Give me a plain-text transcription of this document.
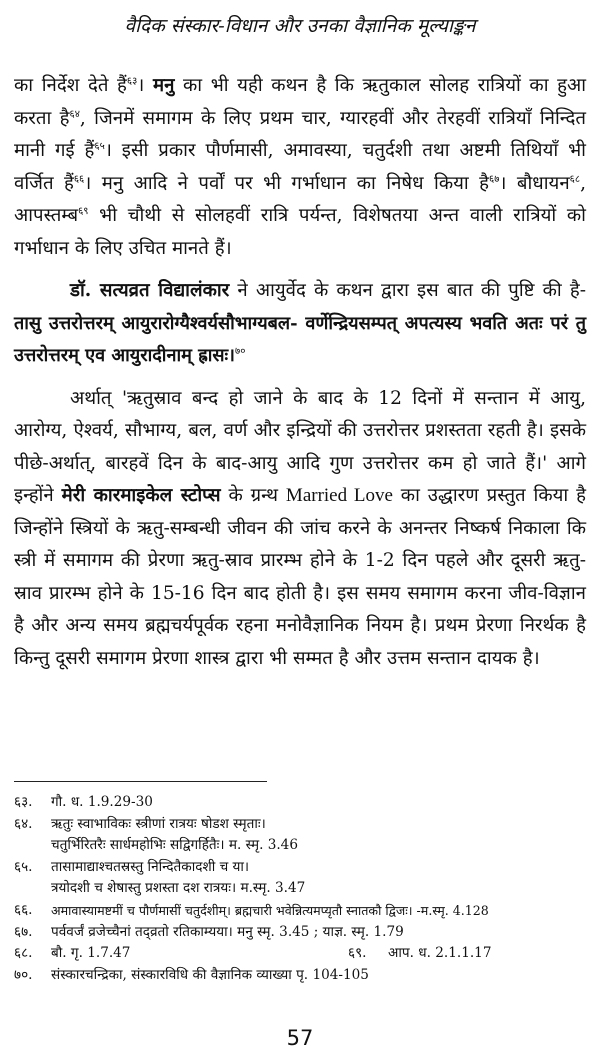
वैदिक संस्कार-विधान और उनका वैज्ञानिक मूल्याङ्कन

का निर्देश देते हैं$^{६३}$। मनु का भी यही कथन है कि ऋतुकाल सोलह रात्रियों का हुआ करता है$^{६४}$, जिनमें समागम के लिए प्रथम चार, ग्यारहवीं और तेरहवीं रात्रियाँ निन्दित मानी गई हैं$^{६५}$। इसी प्रकार पौर्णमासी, अमावस्या, चतुर्दशी तथा अष्टमी तिथियाँ भी वर्जित हैं$^{६६}$। मनु आदि ने पर्वों पर भी गर्भाधान का निषेध किया है$^{६७}$। बौधायन$^{६८}$, आपस्तम्ब$^{६९}$ भी चौथी से सोलहवीं रात्रि पर्यन्त, विशेषतया अन्त वाली रात्रियों को गर्भाधान के लिए उचित मानते हैं।

डॉ. सत्यव्रत विद्यालंकार ने आयुर्वेद के कथन द्वारा इस बात की पुष्टि की है- तासु उत्तरोत्तरम् आयुरारोग्यैश्वर्यसौभाग्यबल- वर्णेन्द्रियसम्पत् अपत्यस्य भवति अतः परं तु उत्तरोत्तरम् एव आयुरादीनाम् ह्रासः।$^{७०}$

अर्थात् 'ऋतुस्राव बन्द हो जाने के बाद के 12 दिनों में सन्तान में आयु, आरोग्य, ऐश्वर्य, सौभाग्य, बल, वर्ण और इन्द्रियों की उत्तरोत्तर प्रशस्तता रहती है। इसके पीछे-अर्थात्, बारहवें दिन के बाद-आयु आदि गुण उत्तरोत्तर कम हो जाते हैं।' आगे इन्होंने मेरी कारमाइकेल स्टोप्स के ग्रन्थ Married Love का उद्धारण प्रस्तुत किया है जिन्होंने स्त्रियों के ऋतु-सम्बन्धी जीवन की जांच करने के अनन्तर निष्कर्ष निकाला कि स्त्री में समागम की प्रेरणा ऋतु-स्राव प्रारम्भ होने के 1-2 दिन पहले और दूसरी ऋतु-स्राव प्रारम्भ होने के 15-16 दिन बाद होती है। इस समय समागम करना जीव-विज्ञान है और अन्य समय ब्रह्मचर्यपूर्वक रहना मनोवैज्ञानिक नियम है। प्रथम प्रेरणा निरर्थक है किन्तु दूसरी समागम प्रेरणा शास्त्र द्वारा भी सम्मत है और उत्तम सन्तान दायक है।

६३.	गौ. ध. 1.9.29-30
६४.	ऋतुः स्वाभाविकः स्त्रीणां रात्रयः षोडश स्मृताः।
चतुर्भिरितरैः सार्धमहोभिः सद्विगर्हितैः। म. स्मृ. 3.46
६५.	तासामाद्याश्चतस्रस्तु निन्दितैकादशी च या।
त्रयोदशी च शेषास्तु प्रशस्ता दश रात्रयः। म.स्मृ. 3.47
६६.	अमावास्यामष्टमीं च पौर्णमासीं चतुर्दशीम्। ब्रह्मचारी भवेन्नित्यमप्यृतौ स्नातकौ द्विजः। -म.स्मृ. 4.128
६७.	पर्ववर्जं व्रजेच्चैनां तद्व्रतो रतिकाम्यया। मनु स्मृ. 3.45 ; याज्ञ. स्मृ. 1.79
६८.	बौ. गृ. 1.7.47	६९.	आप. ध. 2.1.1.17
७०.	संस्कारचन्द्रिका, संस्कारविधि की वैज्ञानिक व्याख्या पृ. 104-105
57
